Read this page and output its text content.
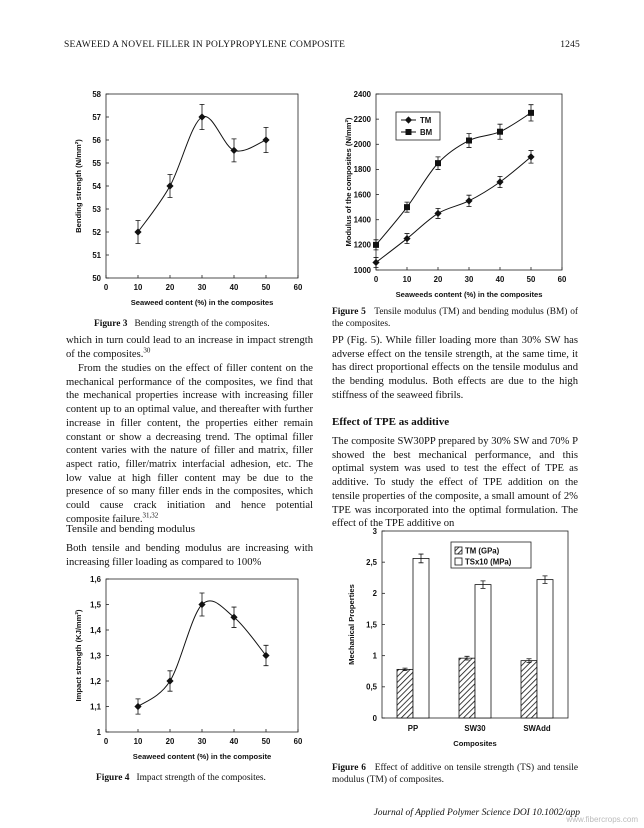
SEAWEED A NOVEL FILLER IN POLYPROPYLENE COMPOSITE	1245
50
51
52
53
54
55
56
57
58
0	10	20	30	40	50	60
Seaweed content (%) in the composites
Bending strength (N/mm²)

Figure 3 Bending strength of the composites.

1000
1200
1400
1600
1800
2000
2200
2400
0	10	20	30	40	50	60
Seaweeds content (%) in the composites
Modulus of the composites (N/mm²)	TM
BM

Figure 5 Tensile modulus (TM) and bending modulus (BM) of the composites.

which in turn could lead to an increase in impact strength of the composites.$^{30}$

From the studies on the effect of filler content on the mechanical performance of the composites, we find that the mechanical properties increase with increasing filler content up to an optimal value, and thereafter with further increase in filler content, the properties either remain constant or show a decreasing trend. The optimal filler content varies with the nature of filler and matrix, filler aspect ratio, filler/matrix interfacial adhesion, etc. The low value at high filler content may be due to the presence of so many filler ends in the composites, which could cause crack initiation and hence potential composite failure.$^{31,32}$

Tensile and bending modulus

Both tensile and bending modulus are increasing with increasing filler loading as compared to 100%

1
1,1
1,2
1,3
1,4
1,5
1,6
0	10	20	30	40	50	60
Seaweed content (%) in the composite
Impact strength (KJ/mm²)

Figure 4 Impact strength of the composites.

PP (Fig. 5). While filler loading more than 30% SW has adverse effect on the tensile strength, at the same time, it has direct proportional effects on the tensile modulus and the bending modulus. Both effects are due to the high stiffness of the seaweed fibrils.

Effect of TPE as additive

The composite SW30PP prepared by 30% SW and 70% P showed the best mechanical performance, and this optimal system was used to test the effect of TPE as additive. To study the effect of TPE addition on the tensile properties of the composite, a small amount of 2% TPE was incorporated into the optimal formulation. The effect of the TPE additive on

0
0,5
1
1,5
2
2,5
3
PP	SW30	SWAdd
Composites
Mechanical Properties
TM (GPa)
TSx10 (MPa)

Figure 6 Effect of additive on tensile strength (TS) and tensile modulus (TM) of composites.

Journal of Applied Polymer Science DOI 10.1002/app
www.fibercrops.com
